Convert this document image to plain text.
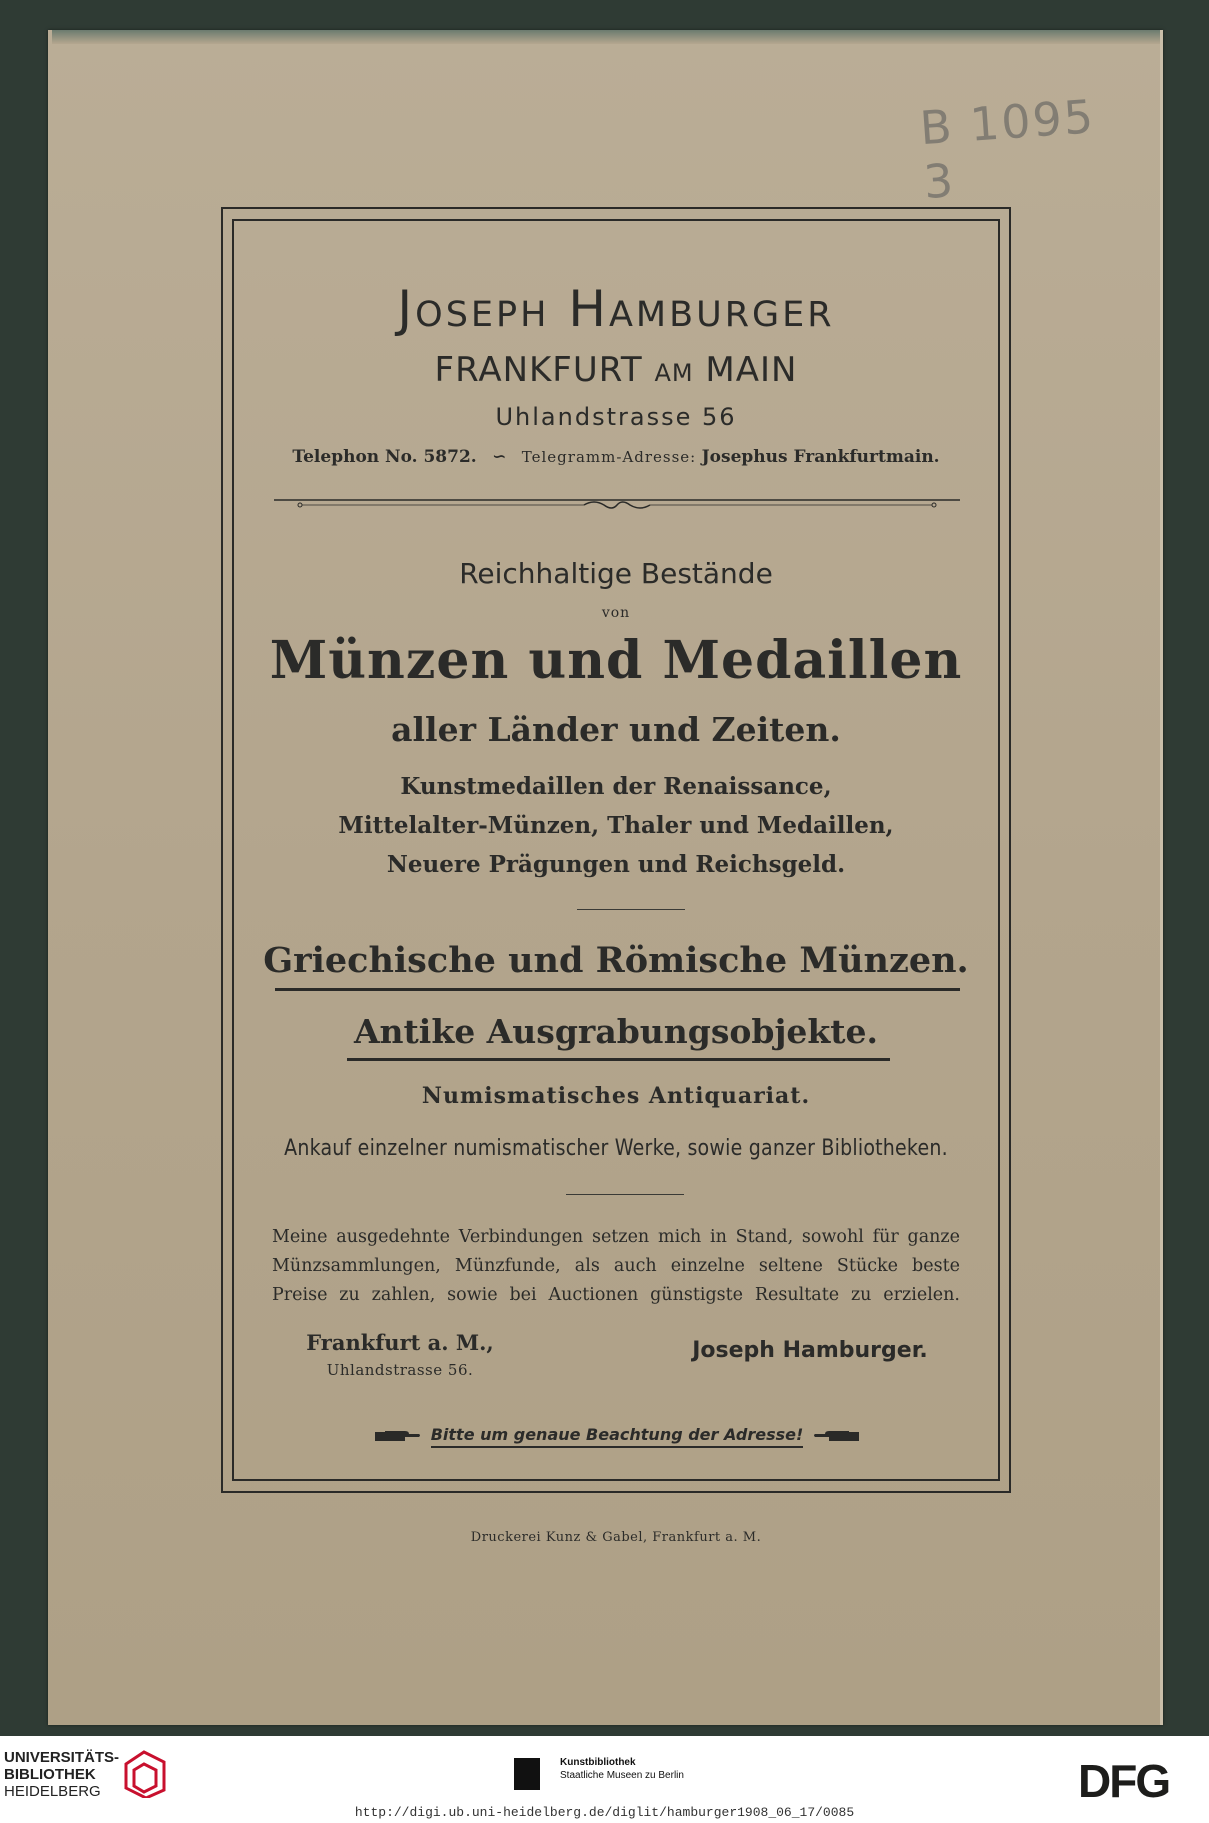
B 1095 3
Joseph Hamburger
FRANKFURT AM MAIN
Uhlandstrasse 56
Telephon No. 5872. ∽ Telegramm-Adresse: Josephus Frankfurtmain.
Reichhaltige Bestände
von
Münzen und Medaillen
aller Länder und Zeiten.
Kunstmedaillen der Renaissance,
Mittelalter-Münzen, Thaler und Medaillen,
Neuere Prägungen und Reichsgeld.
Griechische und Römische Münzen.
Antike Ausgrabungsobjekte.
Numismatisches Antiquariat.
Ankauf einzelner numismatischer Werke, sowie ganzer Bibliotheken.
Meine ausgedehnte Verbindungen setzen mich in Stand, sowohl für ganze Münzsammlungen, Münzfunde, als auch einzelne seltene Stücke beste Preise zu zahlen, sowie bei Auctionen günstigste Resultate zu erzielen.
Frankfurt a. M.,
Uhlandstrasse 56.
Joseph Hamburger.
Bitte um genaue Beachtung der Adresse!
Druckerei Kunz & Gabel, Frankfurt a. M.
UNIVERSITÄTS-
BIBLIOTHEK
HEIDELBERG
Kunstbibliothek
Staatliche Museen zu Berlin	DFG
http://digi.ub.uni-heidelberg.de/diglit/hamburger1908_06_17/0085
